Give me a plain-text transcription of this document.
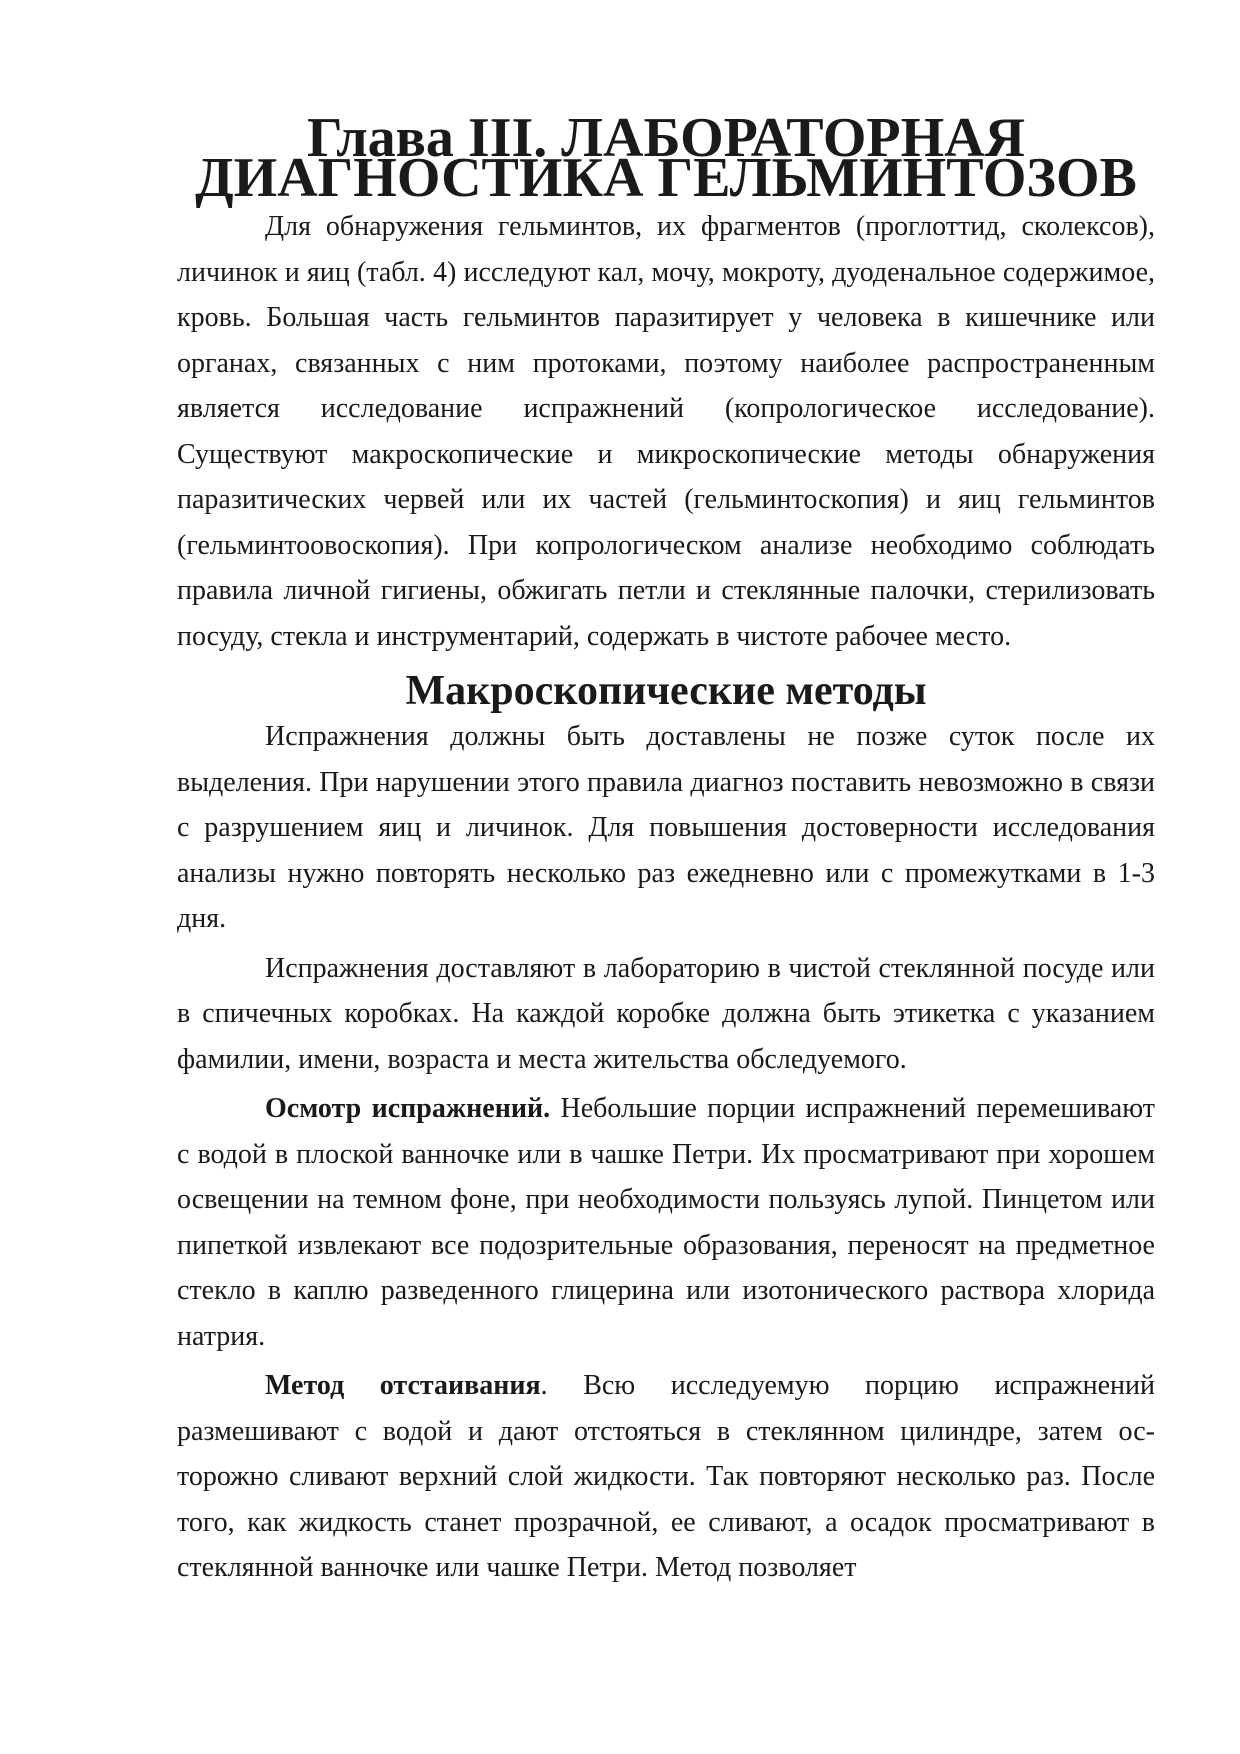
Глава III. ЛАБОРАТОРНАЯ ДИАГНОСТИКА ГЕЛЬМИНТОЗОВ

Для обнаружения гельминтов, их фрагментов (проглоттид, сколексов), личинок и яиц (табл. 4) исследуют кал, мочу, мокроту, дуоденальное содержимое, кровь. Большая часть гельминтов паразитирует у человека в кишечнике или органах, связанных с ним протоками, поэтому наиболее распространенным является исследование испражнений (копрологическое исследование). Существуют макроскопические и микроскопические методы обнаружения паразитических червей или их частей (гельминтоскопия) и яиц гельминтов (гельминтоовоскопия). При копрологическом анализе необходимо соблюдать правила личной гигиены, обжигать петли и стеклянные палочки, стерилизовать посуду, стекла и инструментарий, содержать в чистоте рабочее место.

Макроскопические методы

Испражнения должны быть доставлены не позже суток после их выделения. При нарушении этого правила диагноз поставить невозможно в связи с разрушением яиц и личинок. Для повышения достоверности исследования анализы нужно повторять несколько раз ежедневно или с промежутками в 1-3 дня.

Испражнения доставляют в лабораторию в чистой стеклянной посуде или в спичечных коробках. На каждой коробке должна быть этикетка с указанием фамилии, имени, возраста и места жительства обследуемого.

Осмотр испражнений. Небольшие порции испражнений перемешивают с водой в плоской ванночке или в чашке Петри. Их просматривают при хорошем освещении на темном фоне, при необходимости пользуясь лупой. Пинцетом или пипеткой извлекают все подозрительные образования, переносят на предметное стекло в каплю разведенного глицерина или изотонического раствора хлорида натрия.

Метод отстаивания. Всю исследуемую порцию испражнений размешивают с водой и дают отстояться в стеклянном цилиндре, затем осторожно сливают верхний слой жидкости. Так повторяют несколько раз. После того, как жидкость станет прозрачной, ее сливают, а осадок просматривают в стеклянной ванночке или чашке Петри. Метод позволяет
